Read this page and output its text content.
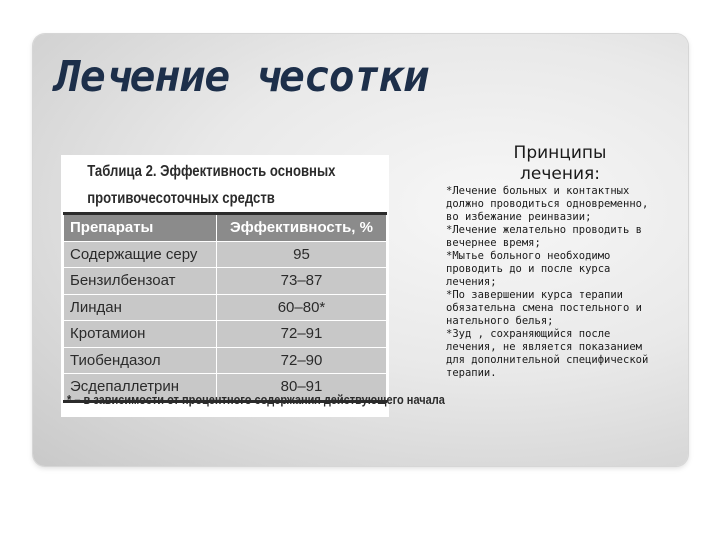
Лечение чесотки
Таблица 2. Эффективность основных
противочесоточных средств
Препараты	Эффективность, %
Содержащие серу	95
Бензилбензоат	73–87
Линдан	60–80*
Кротамион	72–91
Тиобендазол	72–90
Эсдепаллетрин	80–91
* – в зависимости от процентного содержания действующего начала
Принципы
лечения:

*Лечение больных и контактных должно проводиться одновременно, во избежание реинвазии;

*Лечение желательно проводить в вечернее время;

*Мытье больного необходимо проводить до и после курса лечения;

*По завершении курса терапии обязательна смена постельного и нательного белья;

*Зуд , сохраняющийся после лечения, не является показанием для дополнительной специфической терапии.
